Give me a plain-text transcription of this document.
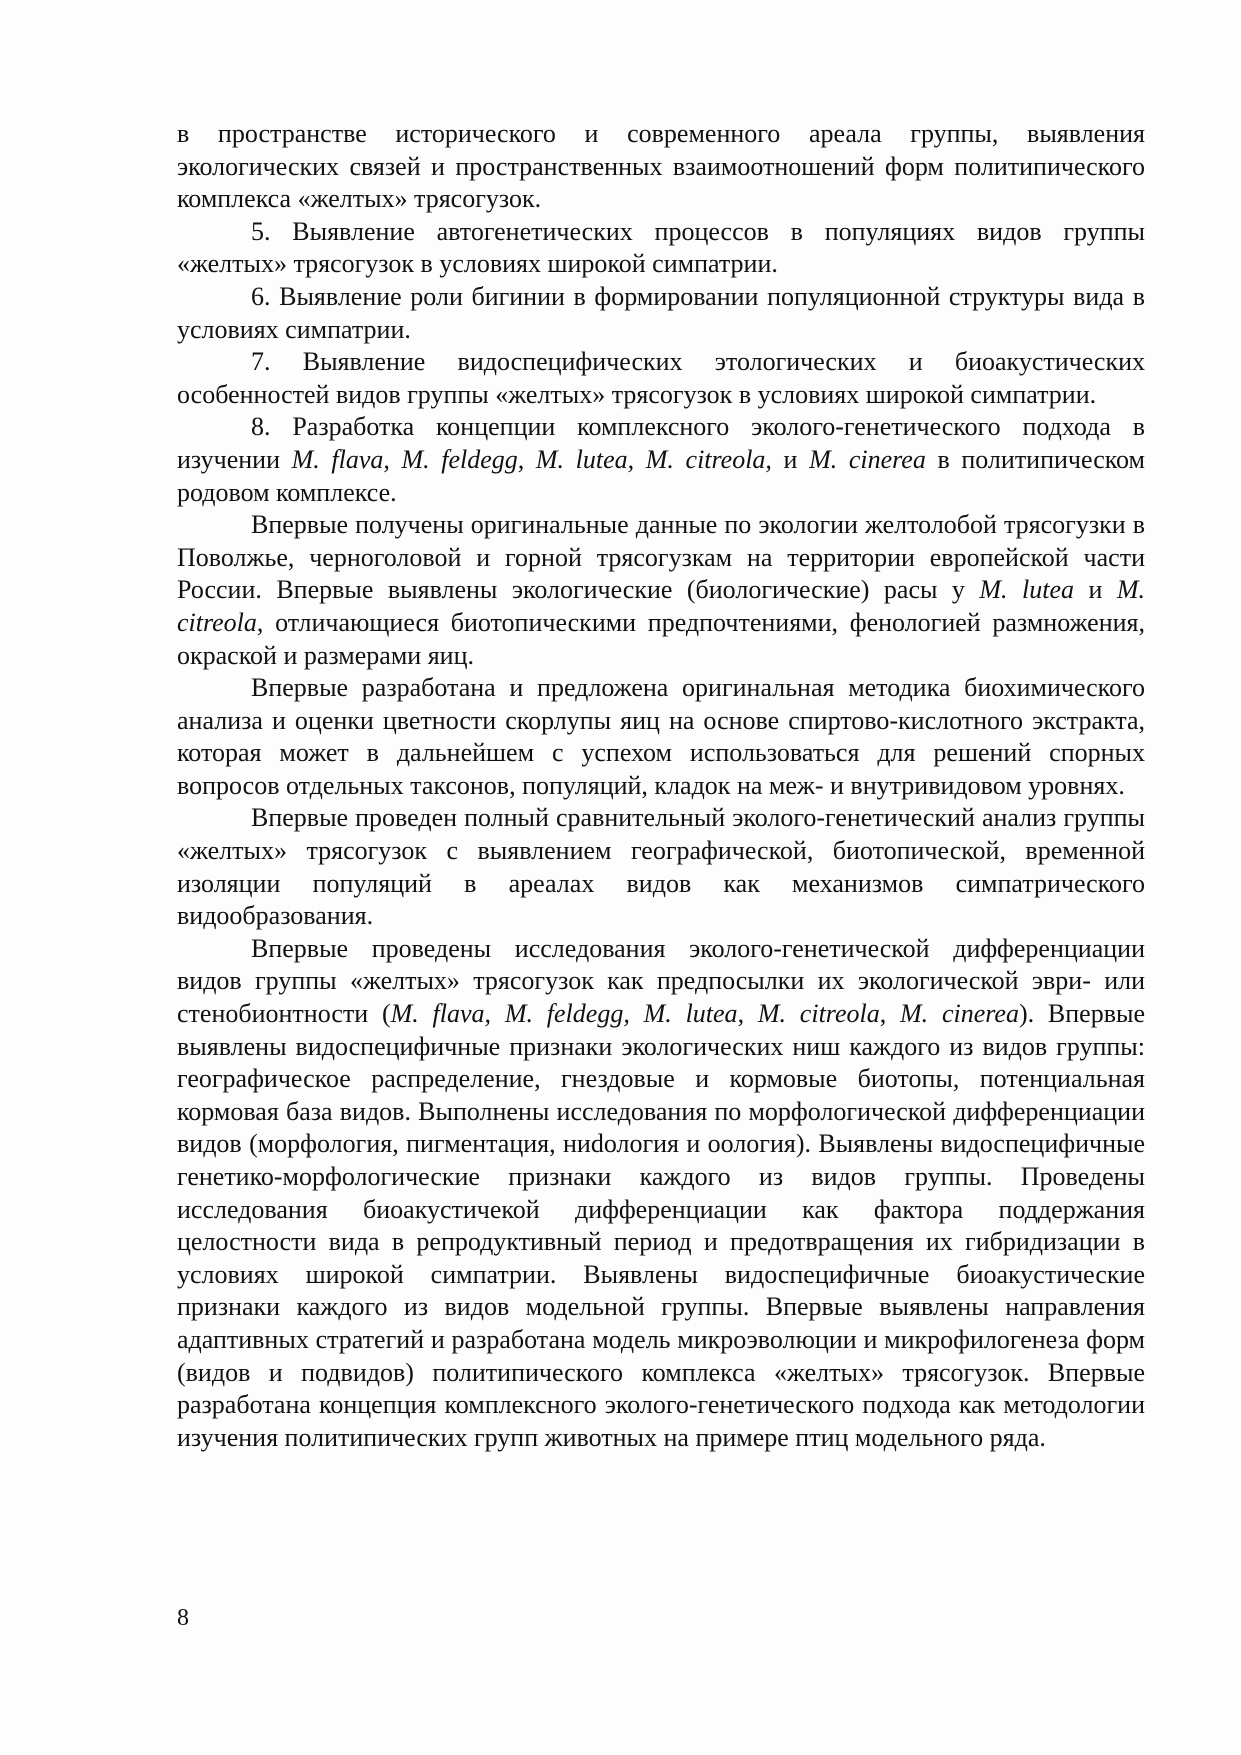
в пространстве исторического и современного ареала группы, выявления экологических связей и пространственных взаимоотношений форм политипического комплекса «желтых» трясогузок.

5. Выявление автогенетических процессов в популяциях видов группы «желтых» трясогузок в условиях широкой симпатрии.

6. Выявление роли бигинии в формировании популяционной структуры вида в условиях симпатрии.

7. Выявление видоспецифических этологических и биоакустических особенностей видов группы «желтых» трясогузок в условиях широкой симпатрии.

8. Разработка концепции комплексного эколого-генетического подхода в изучении M. flava, M. feldegg, M. lutea, M. citreola, и M. cinerea в политипическом родовом комплексе.

Впервые получены оригинальные данные по экологии желтолобой трясогузки в Поволжье, черноголовой и горной трясогузкам на территории европейской части России. Впервые выявлены экологические (биологические) расы у M. lutea и M. citreola, отличающиеся биотопическими предпочтениями, фенологией размножения, окраской и размерами яиц.

Впервые разработана и предложена оригинальная методика биохимического анализа и оценки цветности скорлупы яиц на основе спиртово-кислотного экстракта, которая может в дальнейшем с успехом использоваться для решений спорных вопросов отдельных таксонов, популяций, кладок на меж- и внутривидовом уровнях.

Впервые проведен полный сравнительный эколого-генетический анализ группы «желтых» трясогузок с выявлением географической, биотопической, временной изоляции популяций в ареалах видов как механизмов симпатрического видообразования.

Впервые проведены исследования эколого-генетической дифференциации видов группы «желтых» трясогузок как предпосылки их экологической эври- или стенобионтности (M. flava, M. feldegg, M. lutea, M. citreola, M. cinerea). Впервые выявлены видоспецифичные признаки экологических ниш каждого из видов группы: географическое распределение, гнездовые и кормовые биотопы, потенциальная кормовая база видов. Выполнены исследования по морфологической дифференциации видов (морфология, пигментация, ниdология и оология). Выявлены видоспецифичные генетико-морфологические признаки каждого из видов группы. Проведены исследования биоакустичекой дифференциации как фактора поддержания целостности вида в репродуктивный период и предотвращения их гибридизации в условиях широкой симпатрии. Выявлены видоспецифичные биоакустические признаки каждого из видов модельной группы. Впервые выявлены направления адаптивных стратегий и разработана модель микроэволюции и микрофилогенеза форм (видов и подвидов) политипического комплекса «желтых» трясогузок. Впервые разработана концепция комплексного эколого-генетического подхода как методологии изучения политипических групп животных на примере птиц модельного ряда.

8
